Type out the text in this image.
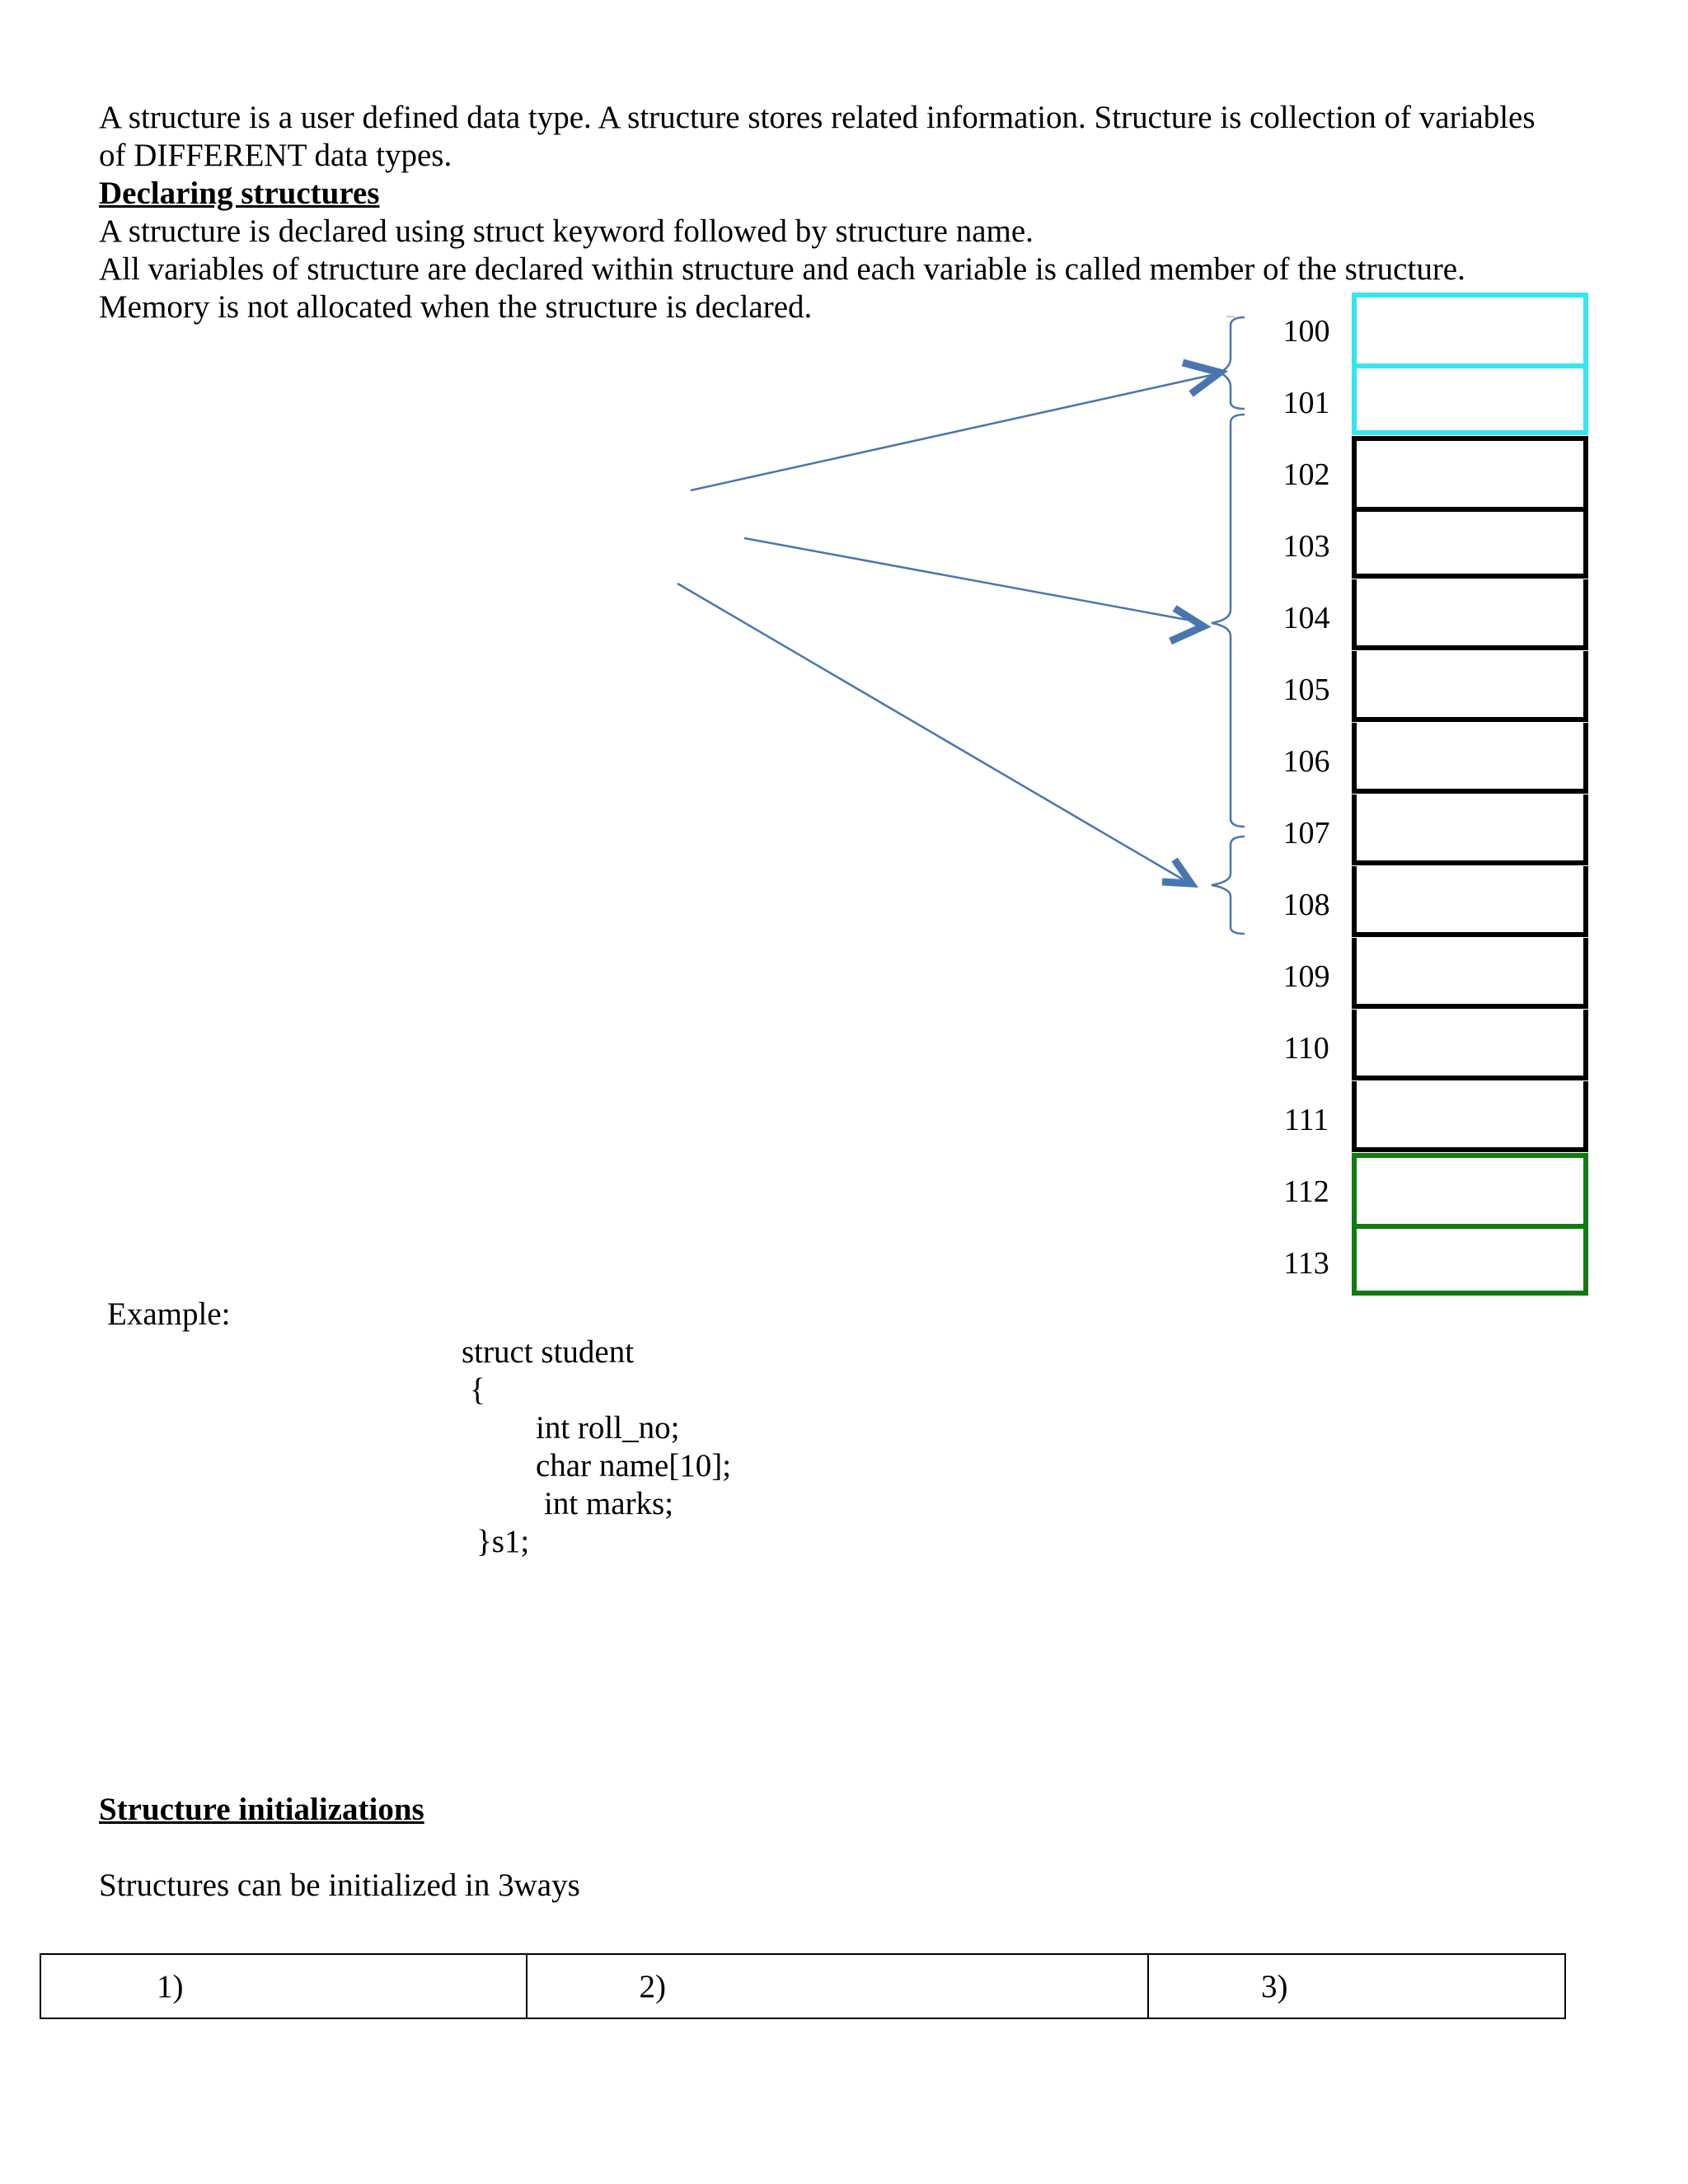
A structure is a user defined data type. A structure stores related information. Structure is collection of variables

of DIFFERENT data types.

Declaring structures

A structure is declared using struct keyword followed by structure name.

All variables of structure are declared within structure and each variable is called member of the structure.

Memory is not allocated when the structure is declared.

100
101
102
103
104
105
106
107
108
109
110
111
112
113
Example:
struct student
{
int roll_no;
char name[10];
int marks;
}s1;
Structure initializations
Structures can be initialized in 3ways
1)	2)	3)
